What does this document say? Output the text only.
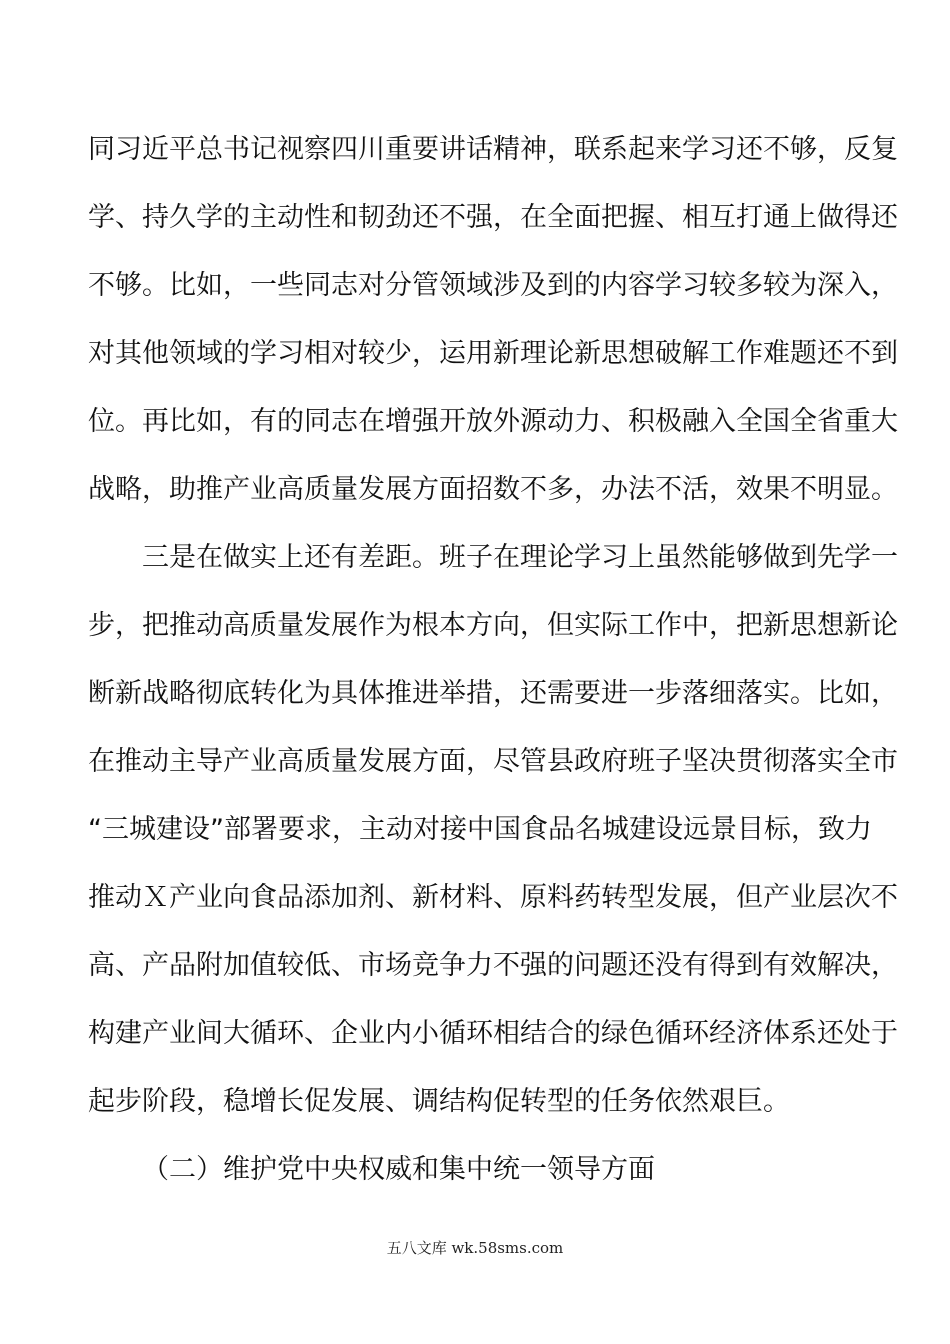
同习近平总书记视察四川重要讲话精神，联系起来学习还不够，反复
学、持久学的主动性和韧劲还不强，在全面把握、相互打通上做得还
不够。比如，一些同志对分管领域涉及到的内容学习较多较为深入，
对其他领域的学习相对较少，运用新理论新思想破解工作难题还不到
位。再比如，有的同志在增强开放外源动力、积极融入全国全省重大
战略，助推产业高质量发展方面招数不多，办法不活，效果不明显。
三是在做实上还有差距。班子在理论学习上虽然能够做到先学一
步，把推动高质量发展作为根本方向，但实际工作中，把新思想新论
断新战略彻底转化为具体推进举措，还需要进一步落细落实。比如，
在推动主导产业高质量发展方面，尽管县政府班子坚决贯彻落实全市
“三城建设”部署要求，主动对接中国食品名城建设远景目标，致力
推动Ｘ产业向食品添加剂、新材料、原料药转型发展，但产业层次不
高、产品附加值较低、市场竞争力不强的问题还没有得到有效解决，
构建产业间大循环、企业内小循环相结合的绿色循环经济体系还处于
起步阶段，稳增长促发展、调结构促转型的任务依然艰巨。
（二）维护党中央权威和集中统一领导方面
五八文库 wk.58sms.com
